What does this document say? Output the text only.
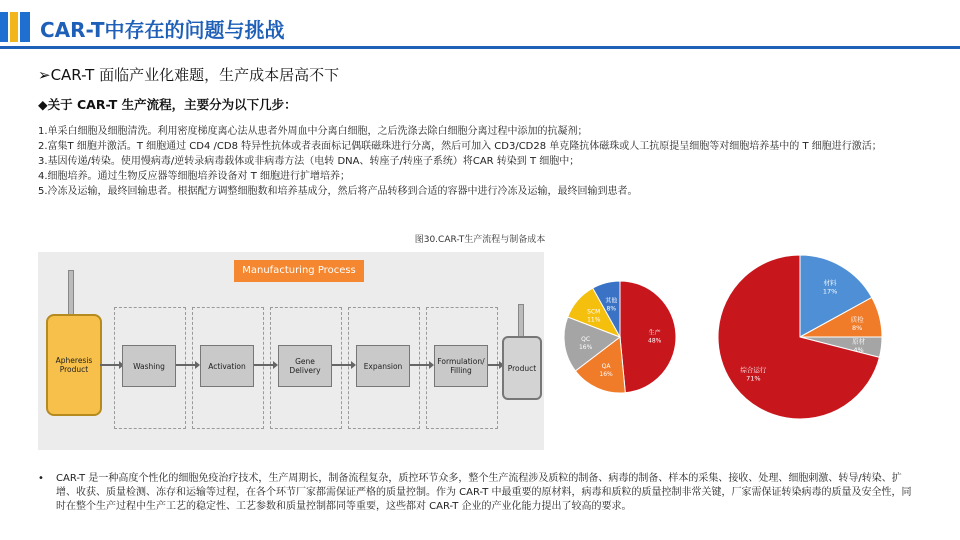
CAR-T中存在的问题与挑战
➢CAR-T 面临产业化难题，生产成本居高不下
◆关于 CAR-T 生产流程，主要分为以下几步：
1.单采白细胞及细胞清洗。利用密度梯度离心法从患者外周血中分离白细胞，之后洗涤去除白细胞分离过程中添加的抗凝剂；
2.富集T 细胞并激活。T 细胞通过 CD4 /CD8 特异性抗体或者表面标记偶联磁珠进行分离，然后可加入 CD3/CD28 单克隆抗体磁珠或人工抗原提呈细胞等对细胞培养基中的 T 细胞进行激活；
3.基因传递/转染。使用慢病毒/逆转录病毒载体或非病毒方法（电转 DNA、转座子/转座子系统）将CAR 转染到 T 细胞中；
4.细胞培养。通过生物反应器等细胞培养设备对 T 细胞进行扩增培养；
5.冷冻及运输，最终回输患者。根据配方调整细胞数和培养基成分，然后将产品转移到合适的容器中进行冷冻及运输，最终回输到患者。
图30.CAR-T生产流程与制备成本
Manufacturing Process
Apheresis Product	Washing	Activation	Gene Delivery	Expansion	Formulation/ Filling	Product
生产
48%
QA
16%
QC
16%
SCM
11%
其他
8%
材料
17%
质检
8%
原材
4%
综合运行
71%
• CAR-T 是一种高度个性化的细胞免疫治疗技术，生产周期长，制备流程复杂，质控环节众多，整个生产流程涉及质粒的制备、病毒的制备、样本的采集、接收、处理、细胞刺激、转导/转染、扩增、收获、质量检测、冻存和运输等过程，在各个环节厂家都需保证严格的质量控制。作为 CAR-T 中最重要的原材料，病毒和质粒的质量控制非常关键，厂家需保证转染病毒的质量及安全性，同时在整个生产过程中生产工艺的稳定性、工艺参数和质量控制都同等重要，这些都对 CAR-T 企业的产业化能力提出了较高的要求。
